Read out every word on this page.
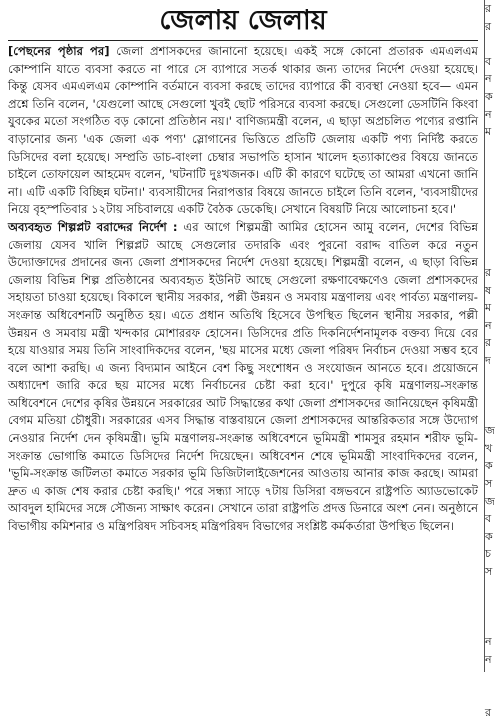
জেলায় জেলায়

[পেছনের পৃষ্ঠার পর] জেলা প্রশাসকদের জানানো হয়েছে। একই সঙ্গে কোনো প্রতারক এমএলএম কোম্পানি যাতে ব্যবসা করতে না পারে সে ব্যাপারে সতর্ক থাকার জন্য তাদের নির্দেশ দেওয়া হয়েছে। কিন্তু যেসব এমএলএম কোম্পানি বর্তমানে ব্যবসা করছে তাদের ব্যাপারে কী ব্যবস্থা নেওয়া হবে— এমন প্রশ্নে তিনি বলেন, 'যেগুলো আছে সেগুলো খুবই ছোট পরিসরে ব্যবসা করছে। সেগুলো ডেসটিনি কিংবা যুবকের মতো সংগঠিত বড় কোনো প্রতিষ্ঠান নয়।' বাণিজ্যমন্ত্রী বলেন, এ ছাড়া অপ্রচলিত পণ্যের রপ্তানি বাড়ানোর জন্য 'এক জেলা এক পণ্য' স্লোগানের ভিত্তিতে প্রতিটি জেলায় একটি পণ্য নির্দিষ্ট করতে ডিসিদের বলা হয়েছে। সম্প্রতি ডাচ-বাংলা চেম্বার সভাপতি হাসান খালেদ হত্যাকাণ্ডের বিষয়ে জানতে চাইলে তোফায়েল আহমেদ বলেন, 'ঘটনাটি দুঃখজনক। এটি কী কারণে ঘটেছে তা আমরা এখনো জানি না। এটি একটি বিচ্ছিন্ন ঘটনা।' ব্যবসায়ীদের নিরাপত্তার বিষয়ে জানতে চাইলে তিনি বলেন, 'ব্যবসায়ীদের নিয়ে বৃহস্পতিবার ১২টায় সচিবালয়ে একটি বৈঠক ডেকেছি। সেখানে বিষয়টি নিয়ে আলোচনা হবে।'

অব্যবহৃত শিল্পপ্লট বরাদ্দের নির্দেশ : এর আগে শিল্পমন্ত্রী আমির হোসেন আমু বলেন, দেশের বিভিন্ন জেলায় যেসব খালি শিল্পপ্লট আছে সেগুলোর তদারকি এবং পুরনো বরাদ্দ বাতিল করে নতুন উদ্যোক্তাদের প্রদানের জন্য জেলা প্রশাসকদের নির্দেশ দেওয়া হয়েছে। শিল্পমন্ত্রী বলেন, এ ছাড়া বিভিন্ন জেলায় বিভিন্ন শিল্প প্রতিষ্ঠানের অব্যবহৃত ইউনিট আছে সেগুলো রক্ষণাবেক্ষণেও জেলা প্রশাসকদের সহায়তা চাওয়া হয়েছে। বিকালে স্থানীয় সরকার, পল্লী উন্নয়ন ও সমবায় মন্ত্রণালয় এবং পার্বত্য মন্ত্রণালয়-সংক্রান্ত অধিবেশনটি অনুষ্ঠিত হয়। এতে প্রধান অতিথি হিসেবে উপস্থিত ছিলেন স্থানীয় সরকার, পল্লী উন্নয়ন ও সমবায় মন্ত্রী খন্দকার মোশাররফ হোসেন। ডিসিদের প্রতি দিকনির্দেশনামূলক বক্তব্য দিয়ে বের হয়ে যাওয়ার সময় তিনি সাংবাদিকদের বলেন, 'ছয় মাসের মধ্যে জেলা পরিষদ নির্বাচন দেওয়া সম্ভব হবে বলে আশা করছি। এ জন্য বিদ্যমান আইনে বেশ কিছু সংশোধন ও সংযোজন আনতে হবে। প্রয়োজনে অধ্যাদেশ জারি করে ছয় মাসের মধ্যে নির্বাচনের চেষ্টা করা হবে।' দুপুরে কৃষি মন্ত্রণালয়-সংক্রান্ত অধিবেশনে দেশের কৃষির উন্নয়নে সরকারের আট সিদ্ধান্তের কথা জেলা প্রশাসকদের জানিয়েছেন কৃষিমন্ত্রী বেগম মতিয়া চৌধুরী। সরকারের এসব সিদ্ধান্ত বাস্তবায়নে জেলা প্রশাসকদের আন্তরিকতার সঙ্গে উদ্যোগ নেওয়ার নির্দেশ দেন কৃষিমন্ত্রী। ভূমি মন্ত্রণালয়-সংক্রান্ত অধিবেশনে ভূমিমন্ত্রী শামসুর রহমান শরীফ ভূমি-সংক্রান্ত ভোগান্তি কমাতে ডিসিদের নির্দেশ দিয়েছেন। অধিবেশন শেষে ভূমিমন্ত্রী সাংবাদিকদের বলেন, 'ভূমি-সংক্রান্ত জটিলতা কমাতে সরকার ভূমি ডিজিটালাইজেশনের আওতায় আনার কাজ করছে। আমরা দ্রুত এ কাজ শেষ করার চেষ্টা করছি।' পরে সন্ধ্যা সাড়ে ৭টায় ডিসিরা বঙ্গভবনে রাষ্ট্রপতি অ্যাডভোকেট আবদুল হামিদের সঙ্গে সৌজন্য সাক্ষাৎ করেন। সেখানে তারা রাষ্ট্রপতি প্রদত্ত ডিনারে অংশ নেন। অনুষ্ঠানে বিভাগীয় কমিশনার ও মন্ত্রিপরিষদ সচিবসহ মন্ত্রিপরিষদ বিভাগের সংশ্লিষ্ট কর্মকর্তারা উপস্থিত ছিলেন।

র
র
ব
ন
ক
ন
ম
র
ষ
ম
ন
র
দ
জ
খ
ক
স
জ
ব
ক
চ
স
ন
ন
র
